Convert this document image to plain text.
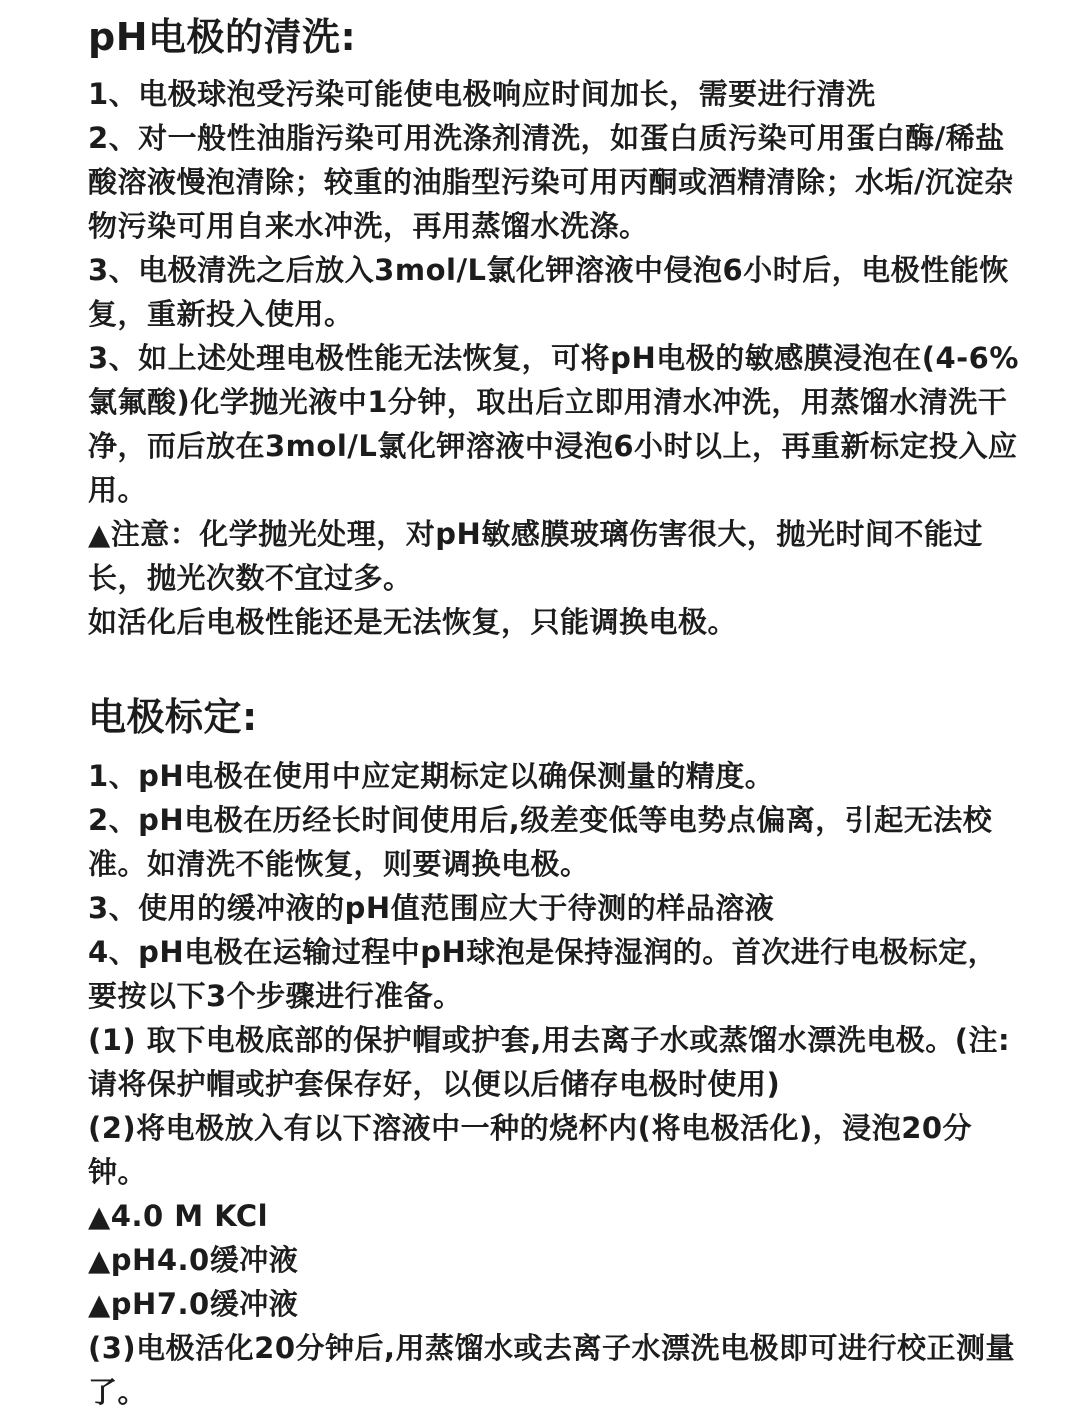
pH电极的清洗:

1、电极球泡受污染可能使电极响应时间加长，需要进行清洗

2、对一般性油脂污染可用洗涤剂清洗，如蛋白质污染可用蛋白酶/稀盐酸溶液慢泡清除；较重的油脂型污染可用丙酮或酒精清除；水垢/沉淀杂物污染可用自来水冲洗，再用蒸馏水洗涤。

3、电极清洗之后放入3mol/L氯化钾溶液中侵泡6小时后，电极性能恢复，重新投入使用。

3、如上述处理电极性能无法恢复，可将pH电极的敏感膜浸泡在(4-6%氯氟酸)化学抛光液中1分钟，取出后立即用清水冲洗，用蒸馏水清洗干净，而后放在3mol/L氯化钾溶液中浸泡6小时以上，再重新标定投入应用。

▲注意：化学抛光处理，对pH敏感膜玻璃伤害很大，抛光时间不能过长，抛光次数不宜过多。

如活化后电极性能还是无法恢复，只能调换电极。

电极标定:

1、pH电极在使用中应定期标定以确保测量的精度。

2、pH电极在历经长时间使用后,级差变低等电势点偏离，引起无法校准。如清洗不能恢复，则要调换电极。

3、使用的缓冲液的pH值范围应大于待测的样品溶液

4、pH电极在运输过程中pH球泡是保持湿润的。首次进行电极标定，要按以下3个步骤进行准备。

(1) 取下电极底部的保护帽或护套,用去离子水或蒸馏水漂洗电极。(注:请将保护帽或护套保存好，以便以后储存电极时使用)

(2)将电极放入有以下溶液中一种的烧杯内(将电极活化)，浸泡20分钟。

▲4.0 M KCl

▲pH4.0缓冲液

▲pH7.0缓冲液

(3)电极活化20分钟后,用蒸馏水或去离子水漂洗电极即可进行校正测量了。
